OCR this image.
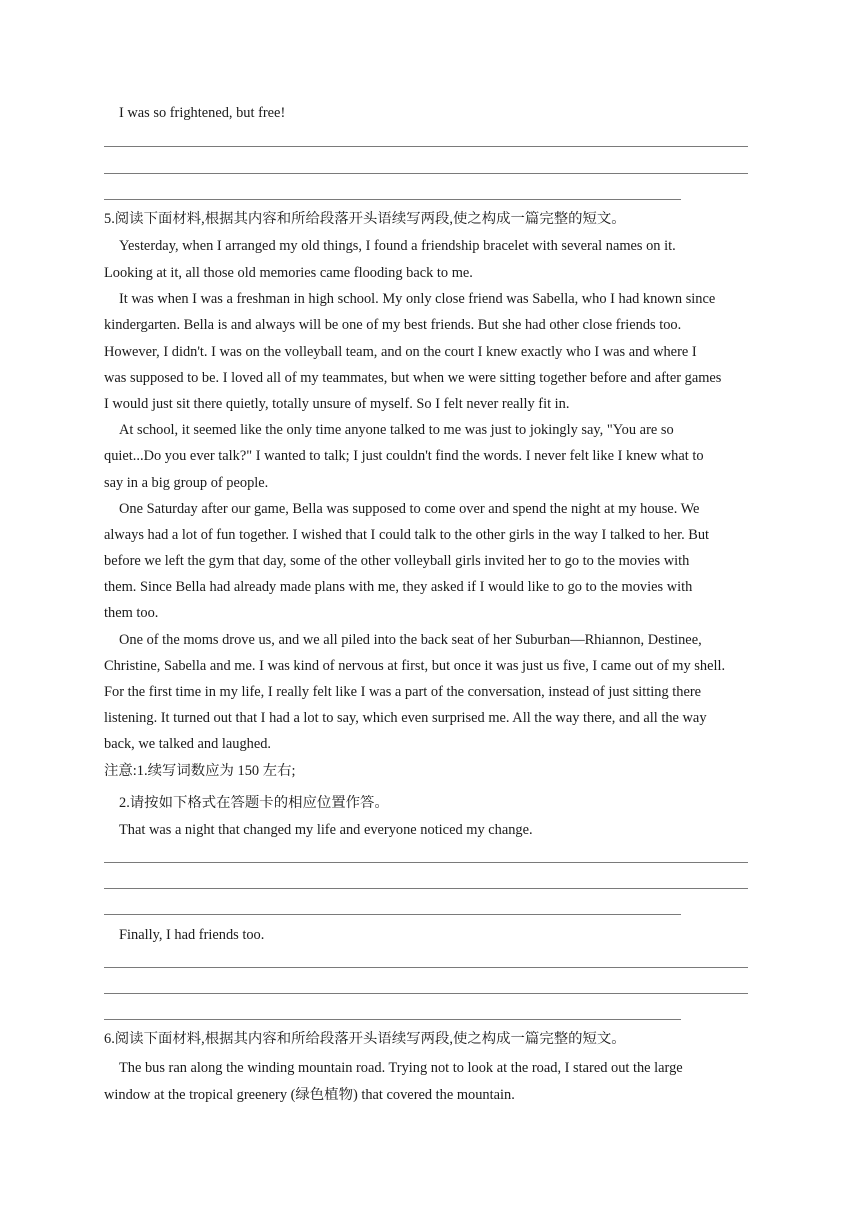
I was so frightened, but free!

5.阅读下面材料,根据其内容和所给段落开头语续写两段,使之构成一篇完整的短文。

Yesterday, when I arranged my old things, I found a friendship bracelet with several names on it.

Looking at it, all those old memories came flooding back to me.

It was when I was a freshman in high school. My only close friend was Sabella, who I had known since

kindergarten. Bella is and always will be one of my best friends. But she had other close friends too.

However, I didn't. I was on the volleyball team, and on the court I knew exactly who I was and where I

was supposed to be. I loved all of my teammates, but when we were sitting together before and after games

I would just sit there quietly, totally unsure of myself. So I felt never really fit in.

At school, it seemed like the only time anyone talked to me was just to jokingly say, "You are so

quiet...Do you ever talk?" I wanted to talk; I just couldn't find the words. I never felt like I knew what to

say in a big group of people.

One Saturday after our game, Bella was supposed to come over and spend the night at my house. We

always had a lot of fun together. I wished that I could talk to the other girls in the way I talked to her. But

before we left the gym that day, some of the other volleyball girls invited her to go to the movies with

them. Since Bella had already made plans with me, they asked if I would like to go to the movies with

them too.

One of the moms drove us, and we all piled into the back seat of her Suburban—Rhiannon, Destinee,

Christine, Sabella and me. I was kind of nervous at first, but once it was just us five, I came out of my shell.

For the first time in my life, I really felt like I was a part of the conversation, instead of just sitting there

listening. It turned out that I had a lot to say, which even surprised me. All the way there, and all the way

back, we talked and laughed.

注意:1.续写词数应为 150 左右;

2.请按如下格式在答题卡的相应位置作答。

That was a night that changed my life and everyone noticed my change.

Finally, I had friends too.

6.阅读下面材料,根据其内容和所给段落开头语续写两段,使之构成一篇完整的短文。

The bus ran along the winding mountain road. Trying not to look at the road, I stared out the large

window at the tropical greenery (绿色植物) that covered the mountain.
